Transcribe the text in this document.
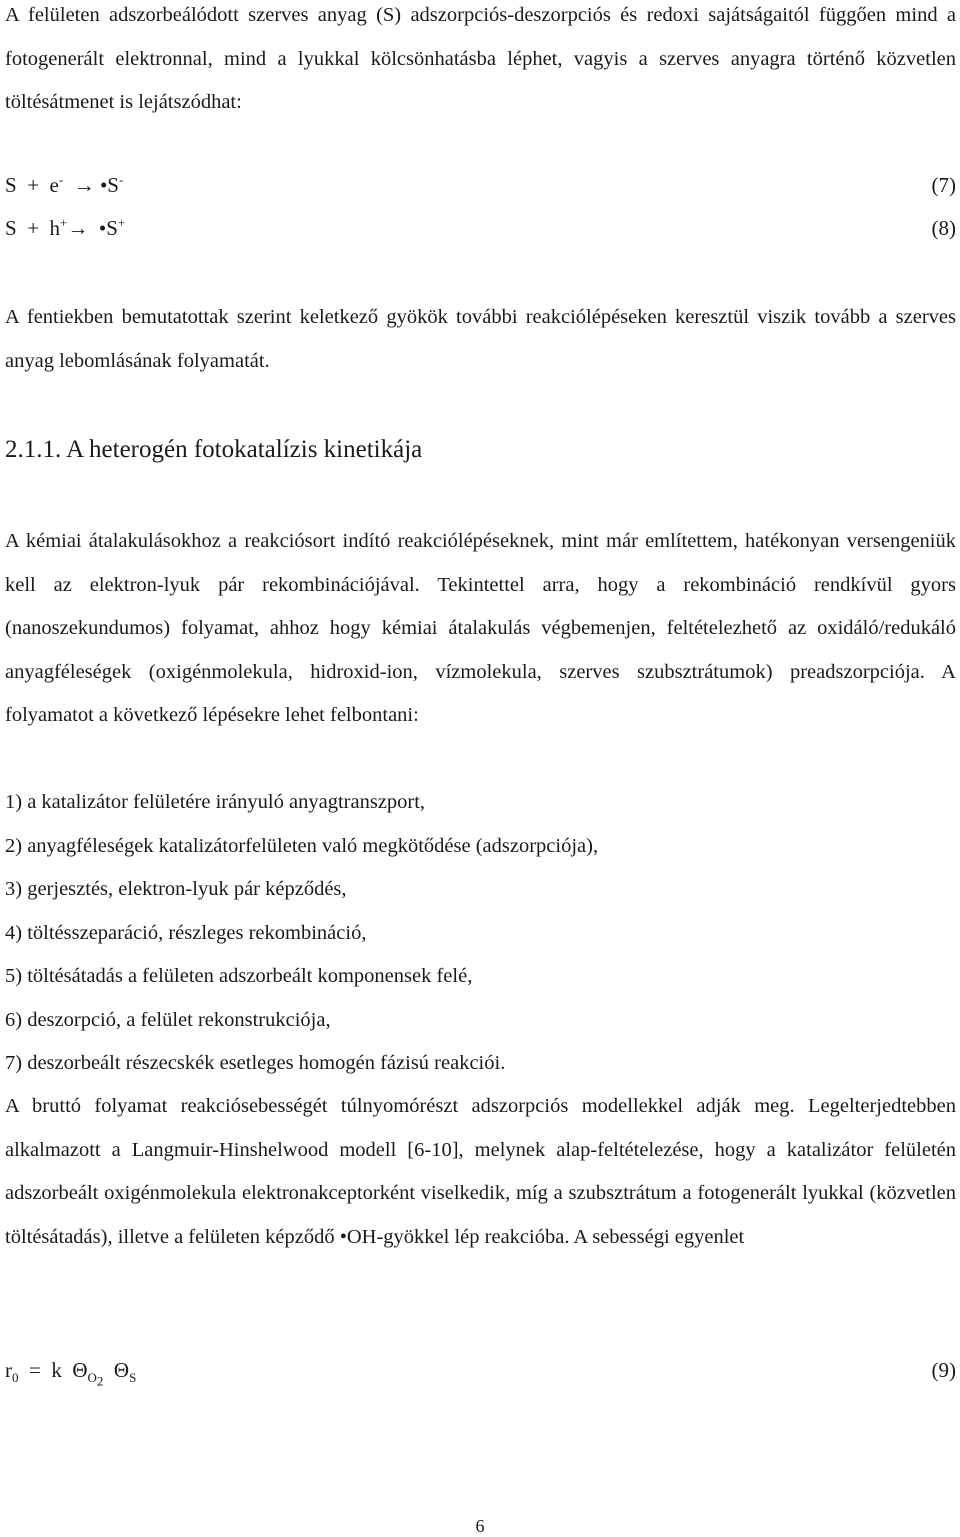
A felületen adszorbeálódott szerves anyag (S) adszorpciós-deszorpciós és redoxi sajátságaitól függően mind a fotogenerált elektronnal, mind a lyukkal kölcsönhatásba léphet, vagyis a szerves anyagra történő közvetlen töltésátmenet is lejátszódhat:

S + e- → •S-	(7)
S + h+→ •S+	(8)

A fentiekben bemutatottak szerint keletkező gyökök további reakciólépéseken keresztül viszik tovább a szerves anyag lebomlásának folyamatát.

2.1.1. A heterogén fotokatalízis kinetikája

A kémiai átalakulásokhoz a reakciósort indító reakciólépéseknek, mint már említettem, hatékonyan versengeniük kell az elektron-lyuk pár rekombinációjával. Tekintettel arra, hogy a rekombináció rendkívül gyors (nanoszekundumos) folyamat, ahhoz hogy kémiai átalakulás végbemenjen, feltételezhető az oxidáló/redukáló anyagféleségek (oxigénmolekula, hidroxid-ion, vízmolekula, szerves szubsztrátumok) preadszorpciója. A folyamatot a következő lépésekre lehet felbontani:

1) a katalizátor felületére irányuló anyagtranszport,
2) anyagféleségek katalizátorfelületen való megkötődése (adszorpciója),
3) gerjesztés, elektron-lyuk pár képződés,
4) töltésszeparáció, részleges rekombináció,
5) töltésátadás a felületen adszorbeált komponensek felé,
6) deszorpció, a felület rekonstrukciója,
7) deszorbeált részecskék esetleges homogén fázisú reakciói.

A bruttó folyamat reakciósebességét túlnyomórészt adszorpciós modellekkel adják meg. Legelterjedtebben alkalmazott a Langmuir-Hinshelwood modell [6-10], melynek alap-feltételezése, hogy a katalizátor felületén adszorbeált oxigénmolekula elektronakceptorként viselkedik, míg a szubsztrátum a fotogenerált lyukkal (közvetlen töltésátadás), illetve a felületen képződő •OH-gyökkel lép reakcióba. A sebességi egyenlet

$r_0 = k$ $\Theta_{O_2}$ $\Theta_S$	(9)
6
